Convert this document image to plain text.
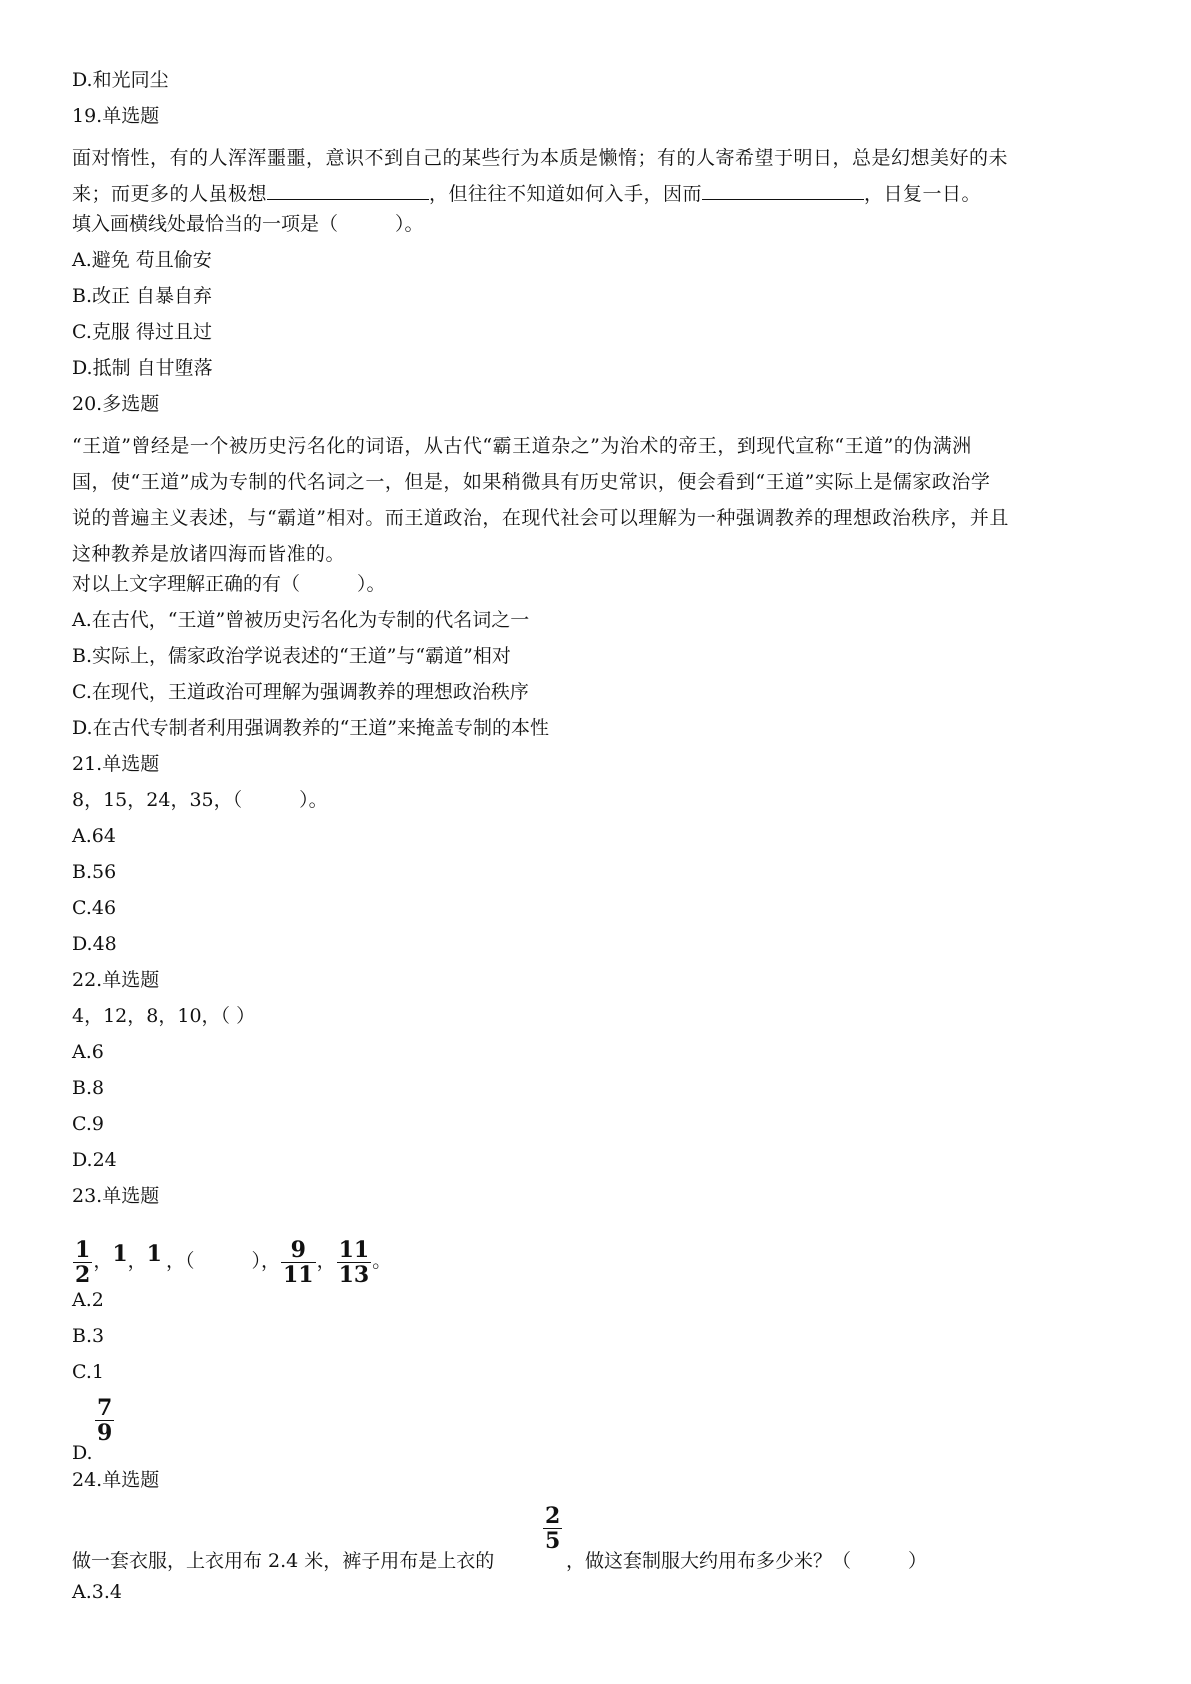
D.和光同尘
19.单选题
面对惰性，有的人浑浑噩噩，意识不到自己的某些行为本质是懒惰；有的人寄希望于明日，总是幻想美好的未
来；而更多的人虽极想	，但往往不知道如何入手，因而	，日复一日。
填入画横线处最恰当的一项是（　　　）。
A.避免 苟且偷安
B.改正 自暴自弃
C.克服 得过且过
D.抵制 自甘堕落
20.多选题
“王道”曾经是一个被历史污名化的词语，从古代“霸王道杂之”为治术的帝王，到现代宣称“王道”的伪满洲
国，使“王道”成为专制的代名词之一，但是，如果稍微具有历史常识，便会看到“王道”实际上是儒家政治学
说的普遍主义表述，与“霸道”相对。而王道政治，在现代社会可以理解为一种强调教养的理想政治秩序，并且
这种教养是放诸四海而皆准的。
对以上文字理解正确的有（　　　）。
A.在古代，“王道”曾被历史污名化为专制的代名词之一
B.实际上，儒家政治学说表述的“王道”与“霸道”相对
C.在现代，王道政治可理解为强调教养的理想政治秩序
D.在古代专制者利用强调教养的“王道”来掩盖专制的本性
21.单选题
8，15，24，35，（　　　）。
A.64
B.56
C.46
D.48
22.单选题
4，12，8，10，（ ）
A.6
B.8
C.9
D.24
23.单选题
$\frac{1}{2}$ ，1，1 ，（　　　）， $\frac{9}{11}$ ， $\frac{11}{13}$ 。
A.2
B.3
C.1
D.
7
9
24.单选题
做一套衣服，上衣用布 2.4 米，裤子用布是上衣的
2
5
，做这套制服大约用布多少米？（　　　）
A.3.4
